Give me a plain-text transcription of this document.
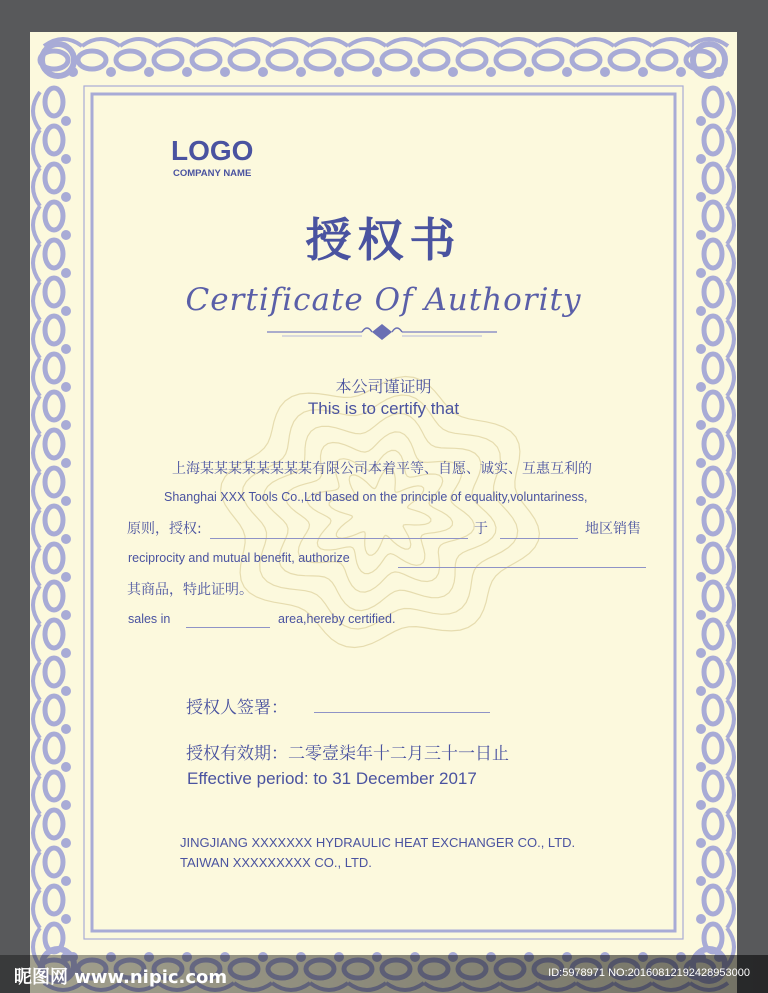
LOGO
COMPANY NAME
授权书
Certificate Of Authority
本公司谨证明
This is to certify that
上海某某某某某某某某有限公司本着平等、自愿、诚实、互惠互利的
Shanghai XXX Tools Co.,Ltd based on the principle of equality,voluntariness,
原则，授权:	于	地区销售
reciprocity and mutual benefit, authorize
其商品，特此证明。
sales in	area,hereby certified.
授权人签署：
授权有效期：二零壹柒年十二月三十一日止
Effective period: to 31 December 2017
JINGJIANG XXXXXXX HYDRAULIC HEAT EXCHANGER CO., LTD.
TAIWAN XXXXXXXXX CO., LTD.
昵图网 www.nipic.com	ID:5978971 NO:20160812192428953000
